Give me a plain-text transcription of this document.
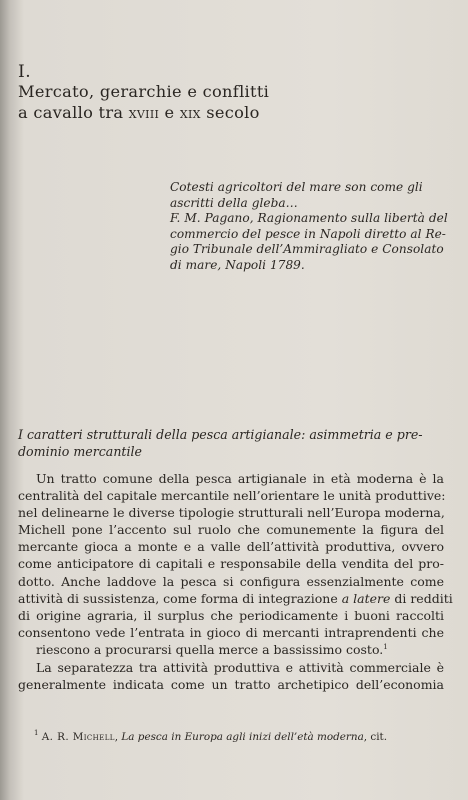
I.
Mercato, gerarchie e conflitti
a cavallo tra xviii e xix secolo
Cotesti agricoltori del mare son come gli
ascritti della gleba…
F. M. Pagano, Ragionamento sulla libertà del
commercio del pesce in Napoli diretto al Re-
gio Tribunale dell’Ammiragliato e Consolato
di mare, Napoli 1789.
I caratteri strutturali della pesca artigianale: asimmetria e pre-
dominio mercantile
Un tratto comune della pesca artigianale in età moderna è la
centralità del capitale mercantile nell’orientare le unità produttive:
nel delinearne le diverse tipologie strutturali nell’Europa moderna,
Michell pone l’accento sul ruolo che comunemente la figura del
mercante gioca a monte e a valle dell’attività produttiva, ovvero
come anticipatore di capitali e responsabile della vendita del pro-
dotto. Anche laddove la pesca si configura essenzialmente come
attività di sussistenza, come forma di integrazione a latere di redditi
di origine agraria, il surplus che periodicamente i buoni raccolti
consentono vede l’entrata in gioco di mercanti intraprendenti che
riescono a procurarsi quella merce a bassissimo costo.$^1$
La separatezza tra attività produttiva e attività commerciale è
generalmente indicata come un tratto archetipico dell’economia
$^1$ A. R. Michell, La pesca in Europa agli inizi dell’età moderna, cit.
